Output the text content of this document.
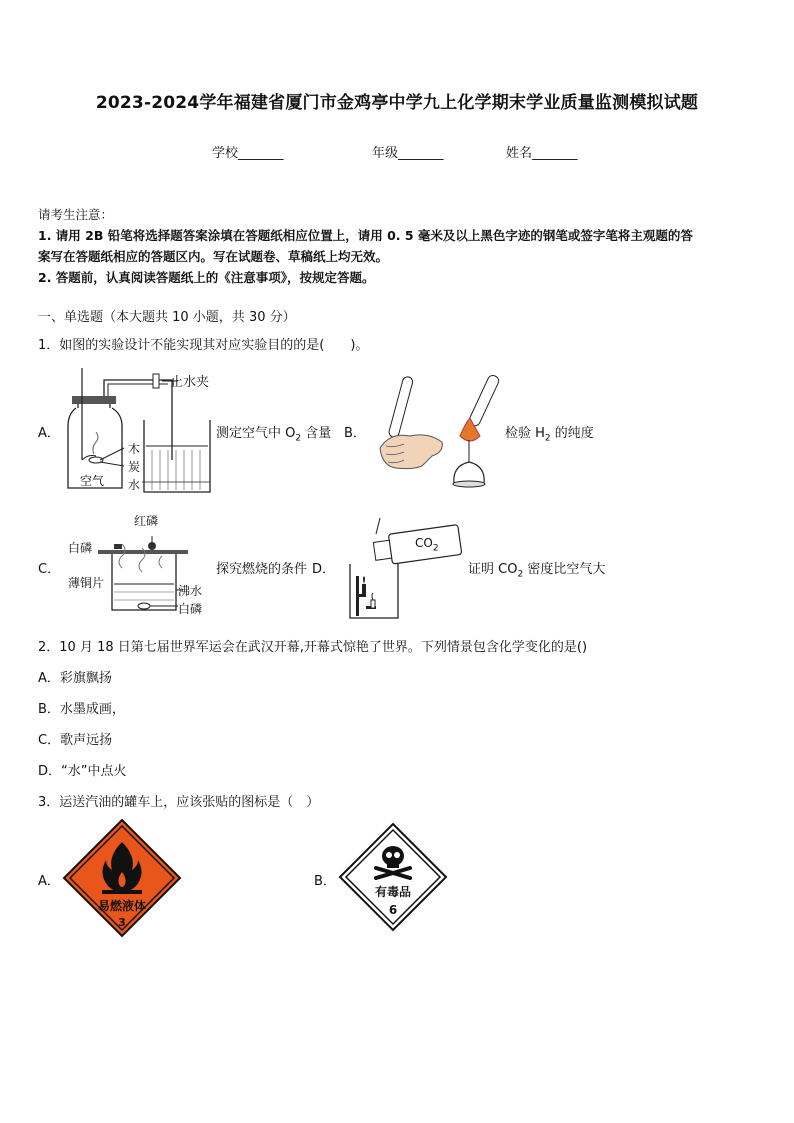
2023-2024学年福建省厦门市金鸡亭中学九上化学期末学业质量监测模拟试题
学校_______	年级_______	姓名_______
请考生注意：
1. 请用 2B 铅笔将选择题答案涂填在答题纸相应位置上，请用 0. 5 毫米及以上黑色字迹的钢笔或签字笔将主观题的答
案写在答题纸相应的答题区内。写在试题卷、草稿纸上均无效。
2. 答题前，认真阅读答题纸上的《注意事项》，按规定答题。
一、单选题（本大题共 10 小题，共 30 分）
1．如图的实验设计不能实现其对应实验目的的是(　　)。
A．
空气
止水夹
木
炭
水
测定空气中 $O_2$ 含量 B．	检验 $H_2$ 的纯度
C．
红磷
白磷
薄铜片
沸水
白磷
探究燃烧的条件 D．
$CO_2$
证明 $CO_2$ 密度比空气大
2．10 月 18 日第七届世界军运会在武汉开幕,开幕式惊艳了世界。下列情景包含化学变化的是()
A．彩旗飘扬
B．水墨成画，
C．歌声远扬
D．“水”中点火
3．运送汽油的罐车上，应该张贴的图标是（　）
A．
易燃液体
3
B．
有毒品
6
